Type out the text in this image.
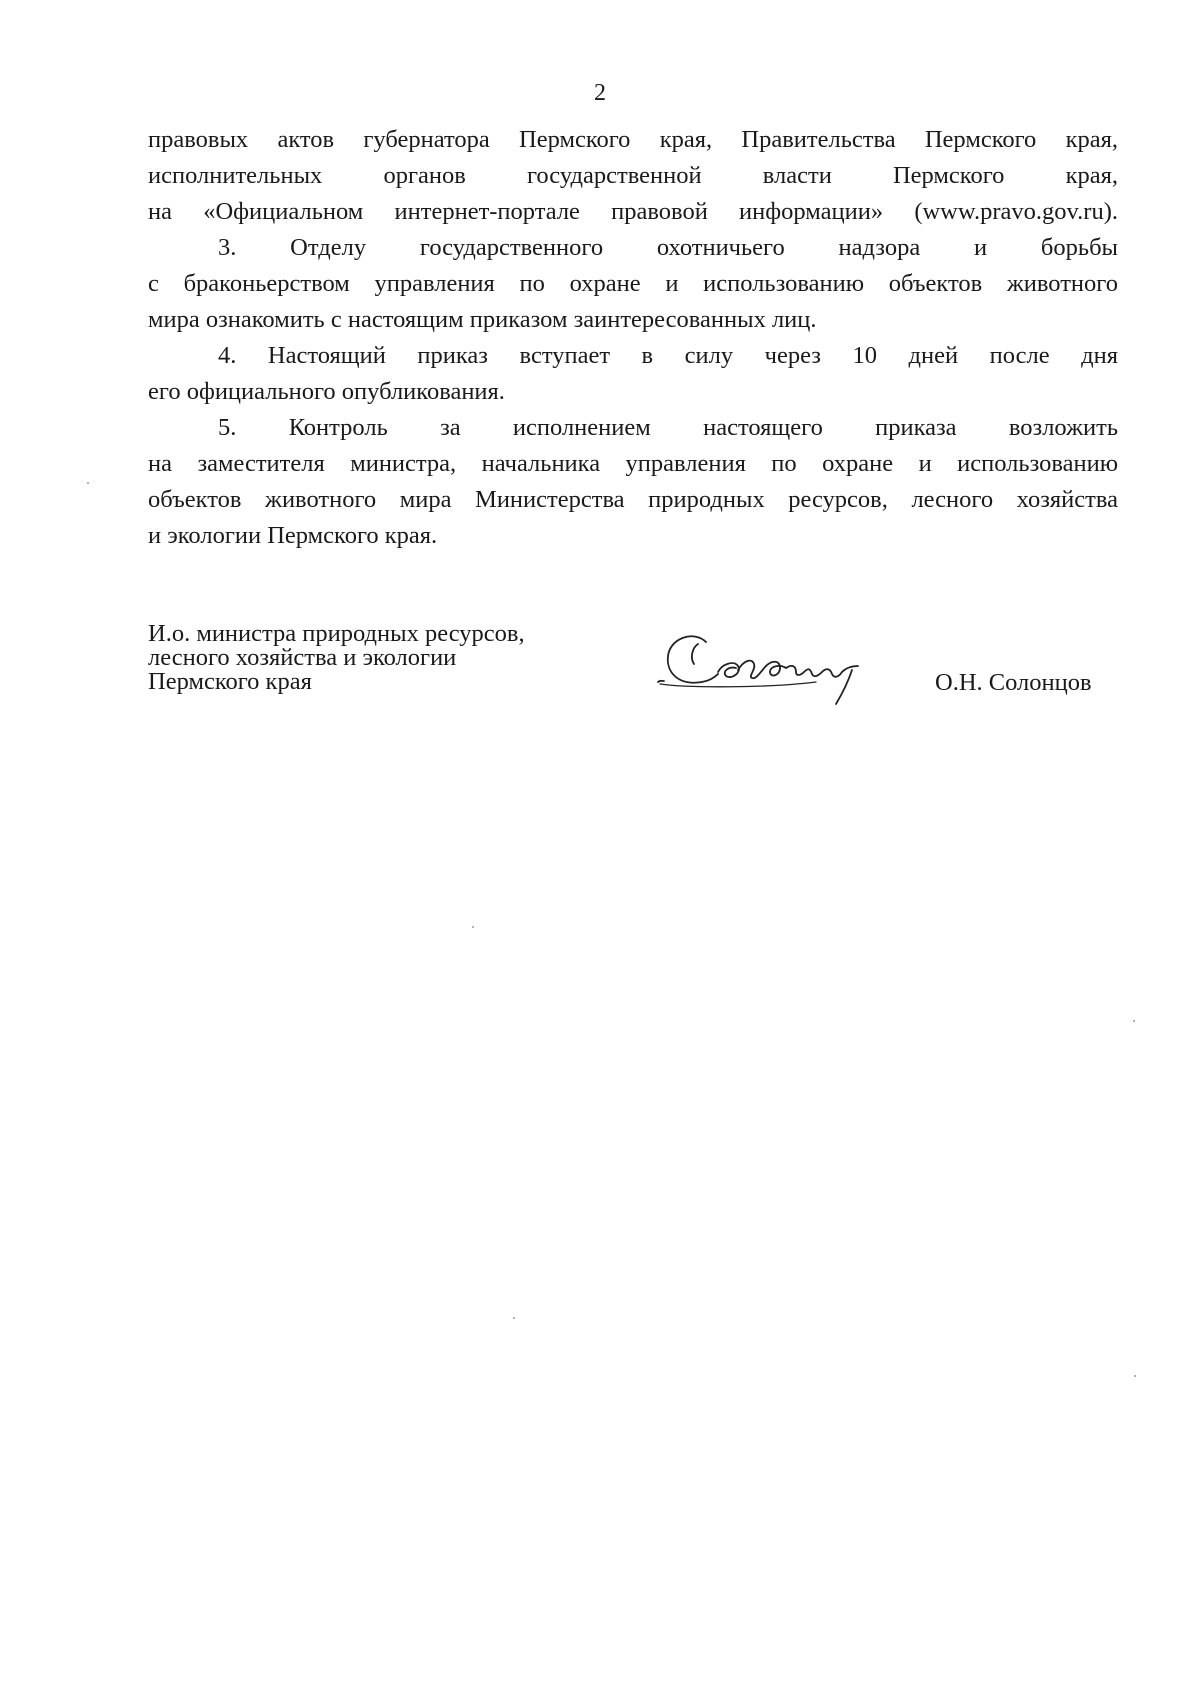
2

правовых актов губернатора Пермского края, Правительства Пермского края,
исполнительных органов государственной власти Пермского края,
на «Официальном интернет-портале правовой информации» (www.pravo.gov.ru).

3. Отделу государственного охотничьего надзора и борьбы
с браконьерством управления по охране и использованию объектов животного
мира ознакомить с настоящим приказом заинтересованных лиц.

4. Настоящий приказ вступает в силу через 10 дней после дня
его официального опубликования.

5. Контроль за исполнением настоящего приказа возложить
на заместителя министра, начальника управления по охране и использованию
объектов животного мира Министерства природных ресурсов, лесного хозяйства
и экологии Пермского края.

И.о. министра природных ресурсов,
лесного хозяйства и экологии
Пермского края	О.Н. Солонцов
